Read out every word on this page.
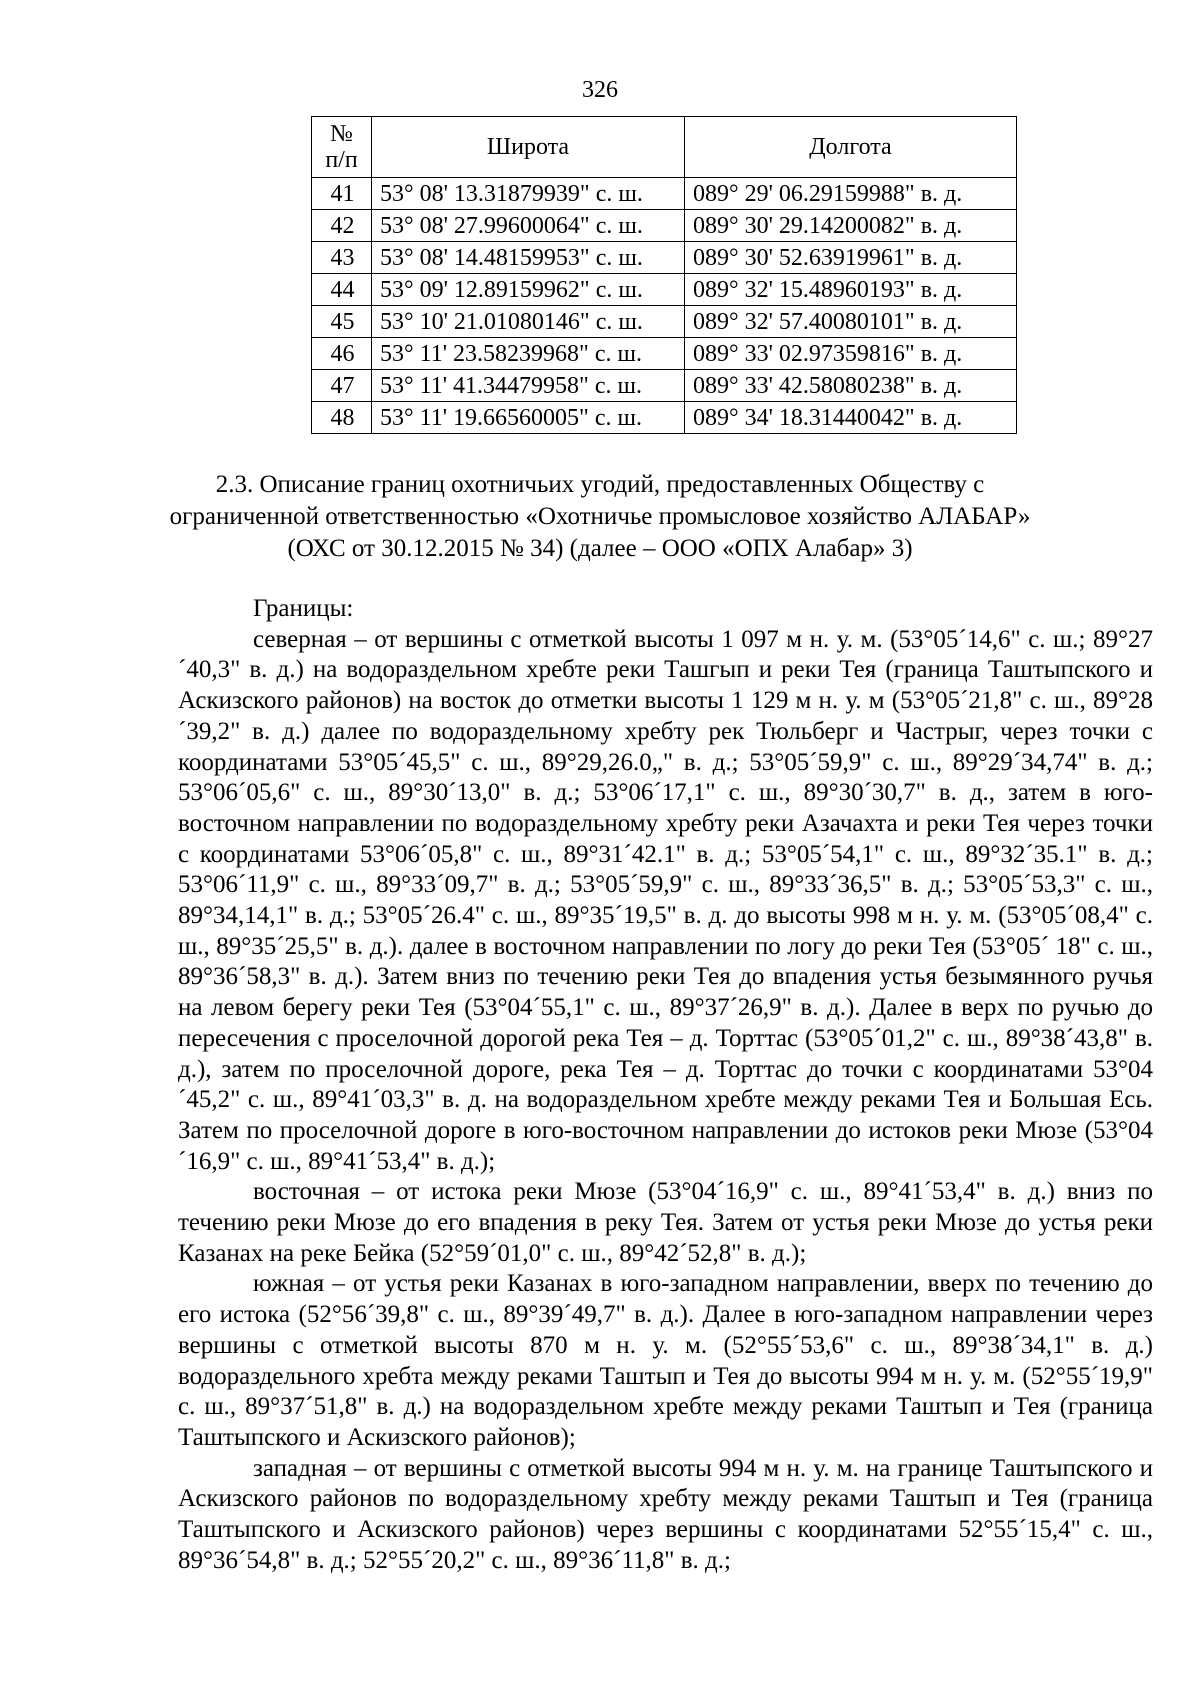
326
№
п/п	Широта	Долгота
41	53° 08' 13.31879939" с. ш.	089° 29' 06.29159988" в. д.
42	53° 08' 27.99600064" с. ш.	089° 30' 29.14200082" в. д.
43	53° 08' 14.48159953" с. ш.	089° 30' 52.63919961" в. д.
44	53° 09' 12.89159962" с. ш.	089° 32' 15.48960193" в. д.
45	53° 10' 21.01080146" с. ш.	089° 32' 57.40080101" в. д.
46	53° 11' 23.58239968" с. ш.	089° 33' 02.97359816" в. д.
47	53° 11' 41.34479958" с. ш.	089° 33' 42.58080238" в. д.
48	53° 11' 19.66560005" с. ш.	089° 34' 18.31440042" в. д.
2.3. Описание границ охотничьих угодий, предоставленных Обществу с
ограниченной ответственностью «Охотничье промысловое хозяйство АЛАБАР»
(ОХС от 30.12.2015 № 34) (далее – ООО «ОПХ Алабар» 3)

Границы:

северная – от вершины с отметкой высоты 1 097 м н. у. м. (53°05´14,6" с. ш.; 89°27´40,3" в. д.) на водораздельном хребте реки Ташгып и реки Тея (граница Таштыпского и Аскизского районов) на восток до отметки высоты 1 129 м н. у. м (53°05´21,8" с. ш., 89°28´39,2" в. д.) далее по водораздельному хребту рек Тюльберг и Частрыг, через точки с координатами 53°05´45,5" с. ш., 89°29,26.0„" в. д.; 53°05´59,9" с. ш., 89°29´34,74" в. д.; 53°06´05,6" с. ш., 89°30´13,0" в. д.; 53°06´17,1" с. ш., 89°30´30,7" в. д., затем в юго-восточном направлении по водораздельному хребту реки Азачахта и реки Тея через точки с координатами 53°06´05,8" с. ш., 89°31´42.1" в. д.; 53°05´54,1" с. ш., 89°32´35.1" в. д.; 53°06´11,9" с. ш., 89°33´09,7" в. д.; 53°05´59,9" с. ш., 89°33´36,5" в. д.; 53°05´53,3" с. ш., 89°34,14,1" в. д.; 53°05´26.4" с. ш., 89°35´19,5" в. д. до высоты 998 м н. у. м. (53°05´08,4" с. ш., 89°35´25,5" в. д.). далее в восточном направлении по логу до реки Тея (53°05´ 18" с. ш., 89°36´58,3" в. д.). Затем вниз по течению реки Тея до впадения устья безымянного ручья на левом берегу реки Тея (53°04´55,1" с. ш., 89°37´26,9" в. д.). Далее в верх по ручью до пересечения с проселочной дорогой река Тея – д. Торттас (53°05´01,2" с. ш., 89°38´43,8" в. д.), затем по проселочной дороге, река Тея – д. Торттас до точки с координатами 53°04´45,2" с. ш., 89°41´03,3" в. д. на водораздельном хребте между реками Тея и Большая Есь. Затем по проселочной дороге в юго-восточном направлении до истоков реки Мюзе (53°04´16,9" с. ш., 89°41´53,4" в. д.);

восточная – от истока реки Мюзе (53°04´16,9" с. ш., 89°41´53,4" в. д.) вниз по течению реки Мюзе до его впадения в реку Тея. Затем от устья реки Мюзе до устья реки Казанах на реке Бейка (52°59´01,0" с. ш., 89°42´52,8" в. д.);

южная – от устья реки Казанах в юго-западном направлении, вверх по течению до его истока (52°56´39,8" с. ш., 89°39´49,7" в. д.). Далее в юго-западном направлении через вершины с отметкой высоты 870 м н. у. м. (52°55´53,6" с. ш., 89°38´34,1" в. д.) водораздельного хребта между реками Таштып и Тея до высоты 994 м н. у. м. (52°55´19,9" с. ш., 89°37´51,8" в. д.) на водораздельном хребте между реками Таштып и Тея (граница Таштыпского и Аскизского районов);

западная – от вершины с отметкой высоты 994 м н. у. м. на границе Таштыпского и Аскизского районов по водораздельному хребту между реками Таштып и Тея (граница Таштыпского и Аскизского районов) через вершины с координатами 52°55´15,4" с. ш., 89°36´54,8" в. д.; 52°55´20,2" с. ш., 89°36´11,8" в. д.;
